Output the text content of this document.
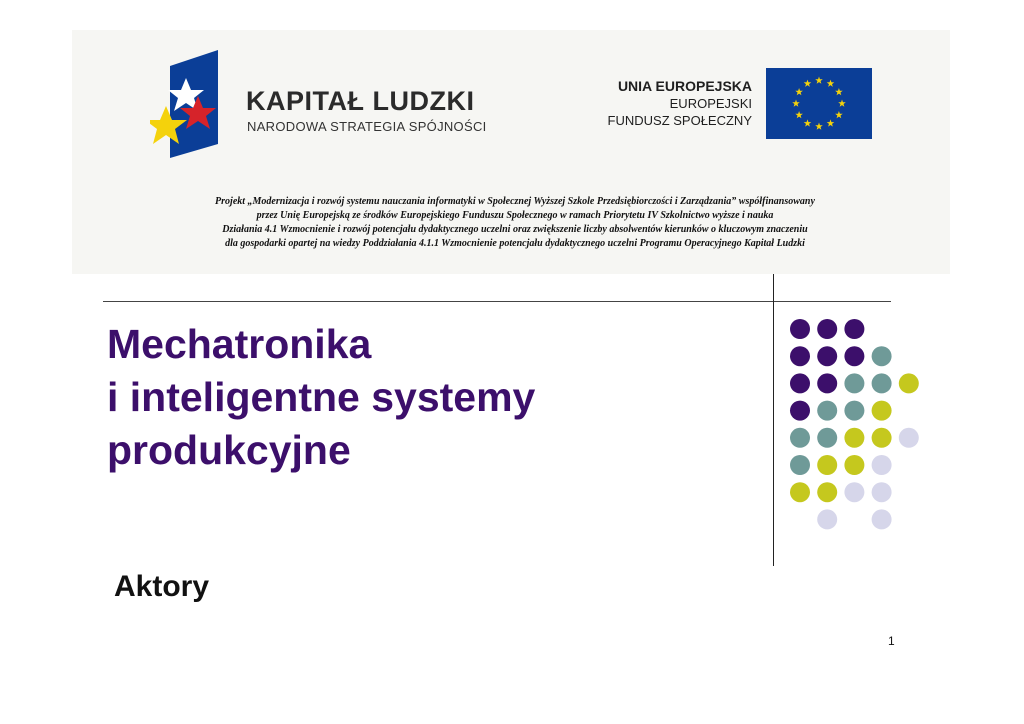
KAPITAŁ LUDZKI
NARODOWA STRATEGIA SPÓJNOŚCI
UNIA EUROPEJSKA
EUROPEJSKI
FUNDUSZ SPOŁECZNY
Projekt „Modernizacja i rozwój systemu nauczania informatyki w Społecznej Wyższej Szkole Przedsiębiorczości i Zarządzania” współfinansowany
przez Unię Europejską ze środków Europejskiego Funduszu Społecznego w ramach Priorytetu IV Szkolnictwo wyższe i nauka
Działania 4.1 Wzmocnienie i rozwój potencjału dydaktycznego uczelni oraz zwiększenie liczby absolwentów kierunków o kluczowym znaczeniu
dla gospodarki opartej na wiedzy Poddziałania 4.1.1 Wzmocnienie potencjału dydaktycznego uczelni Programu Operacyjnego Kapitał Ludzki
Mechatronika
i inteligentne systemy
produkcyjne
Aktory
1
